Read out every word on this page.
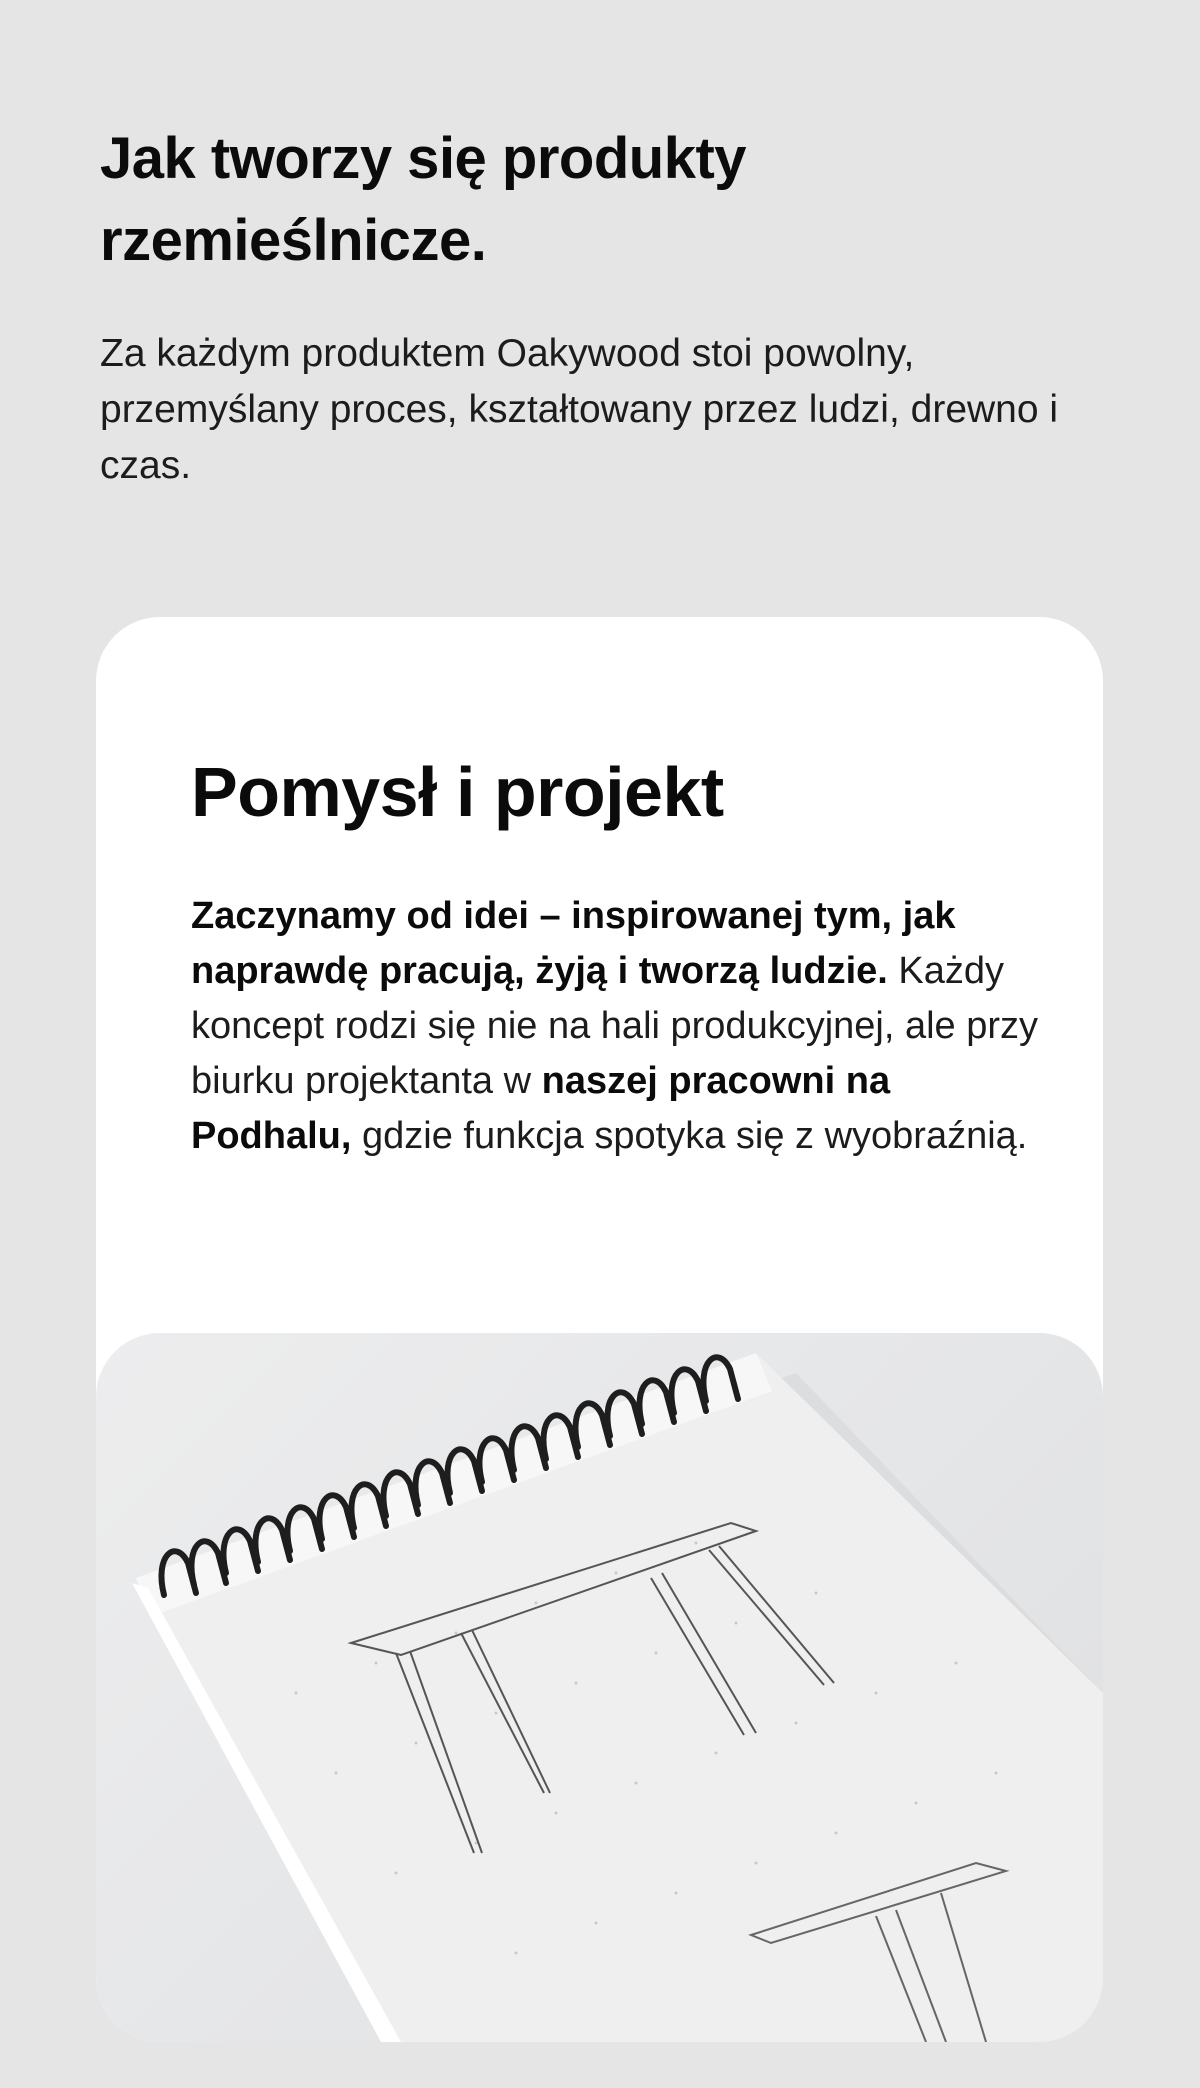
Jak tworzy się produkty rzemieślnicze.

Za każdym produktem Oakywood stoi powolny, przemyślany proces, kształtowany przez ludzi, drewno i czas.

Pomysł i projekt

Zaczynamy od idei – inspirowanej tym, jak naprawdę pracują, żyją i tworzą ludzie. Każdy koncept rodzi się nie na hali produkcyjnej, ale przy biurku projektanta w naszej pracowni na Podhalu, gdzie funkcja spotyka się z wyobraźnią.
